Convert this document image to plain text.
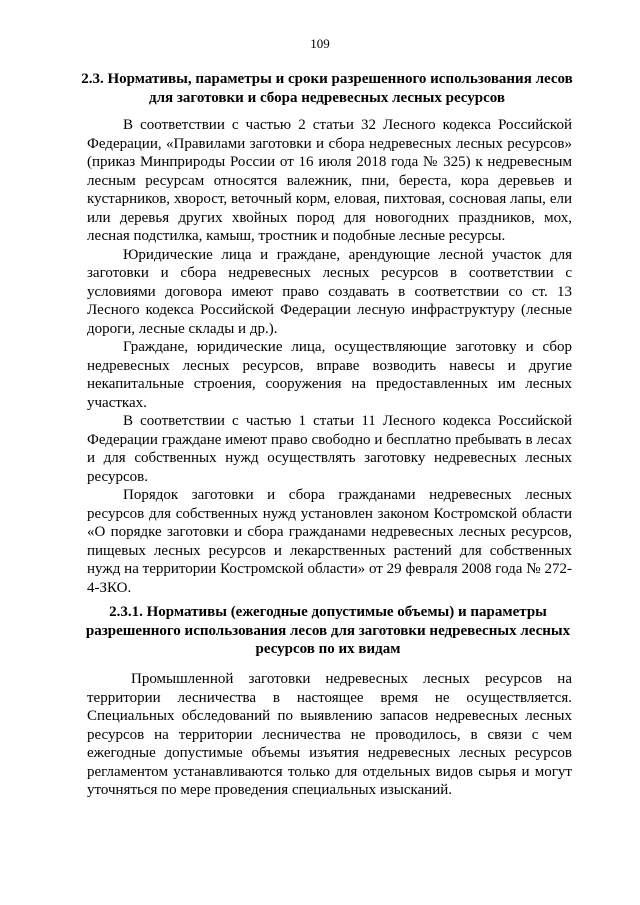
109
2.3. Нормативы, параметры и сроки разрешенного использования лесов для заготовки и сбора недревесных лесных ресурсов

В соответствии с частью 2 статьи 32 Лесного кодекса Российской Федерации, «Правилами заготовки и сбора недревесных лесных ресурсов» (приказ Минприроды России от 16 июля 2018 года № 325) к недревесным лесным ресурсам относятся валежник, пни, береста, кора деревьев и кустарников, хворост, веточный корм, еловая, пихтовая, сосновая лапы, ели или деревья других хвойных пород для новогодних праздников, мох, лесная подстилка, камыш, тростник и подобные лесные ресурсы.

Юридические лица и граждане, арендующие лесной участок для заготовки и сбора недревесных лесных ресурсов в соответствии с условиями договора имеют право создавать в соответствии со ст. 13 Лесного кодекса Российской Федерации лесную инфраструктуру (лесные дороги, лесные склады и др.).

Граждане, юридические лица, осуществляющие заготовку и сбор недревесных лесных ресурсов, вправе возводить навесы и другие некапитальные строения, сооружения на предоставленных им лесных участках.

В соответствии с частью 1 статьи 11 Лесного кодекса Российской Федерации граждане имеют право свободно и бесплатно пребывать в лесах и для собственных нужд осуществлять заготовку недревесных лесных ресурсов.

Порядок заготовки и сбора гражданами недревесных лесных ресурсов для собственных нужд установлен законом Костромской области «О порядке заготовки и сбора гражданами недревесных лесных ресурсов, пищевых лесных ресурсов и лекарственных растений для собственных нужд на территории Костромской области» от 29 февраля 2008 года № 272-4-ЗКО.

2.3.1. Нормативы (ежегодные допустимые объемы) и параметры разрешенного использования лесов для заготовки недревесных лесных ресурсов по их видам

Промышленной заготовки недревесных лесных ресурсов на территории лесничества в настоящее время не осуществляется. Специальных обследований по выявлению запасов недревесных лесных ресурсов на территории лесничества не проводилось, в связи с чем ежегодные допустимые объемы изъятия недревесных лесных ресурсов регламентом устанавливаются только для отдельных видов сырья и могут уточняться по мере проведения специальных изысканий.
